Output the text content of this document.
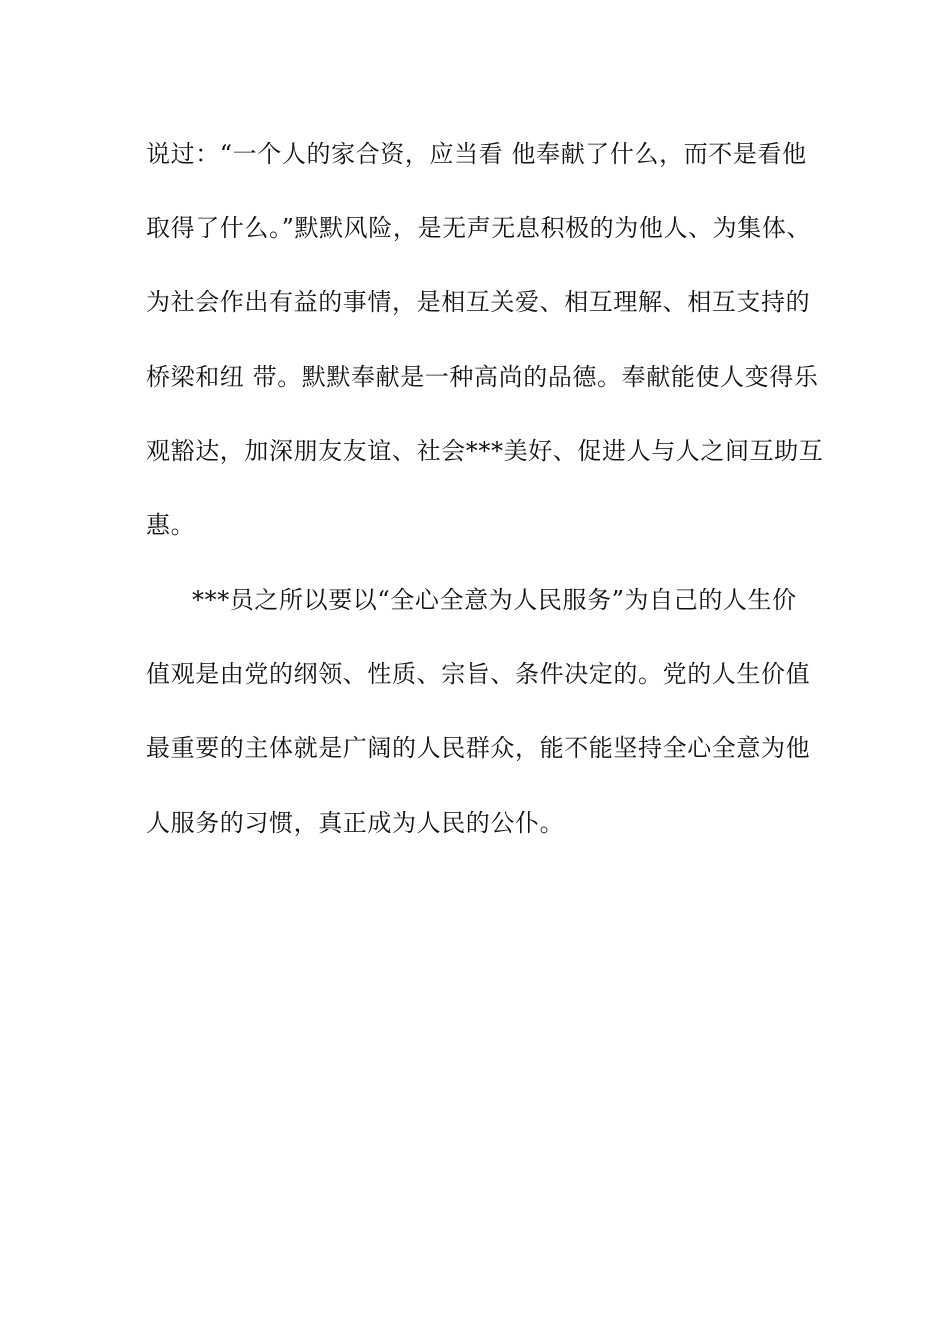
说过：“一个人的家合资，应当看 他奉献了什么，而不是看他
取得了什么。”默默风险，是无声无息积极的为他人、为集体、
为社会作出有益的事情，是相互关爱、相互理解、相互支持的
桥梁和纽 带。默默奉献是一种高尚的品德。奉献能使人变得乐
观豁达，加深朋友友谊、社会***美好、促进人与人之间互助互
惠。
***员之所以要以“全心全意为人民服务”为自己的人生价
值观是由党的纲领、性质、宗旨、条件决定的。党的人生价值
最重要的主体就是广阔的人民群众，能不能坚持全心全意为他
人服务的习惯，真正成为人民的公仆。
